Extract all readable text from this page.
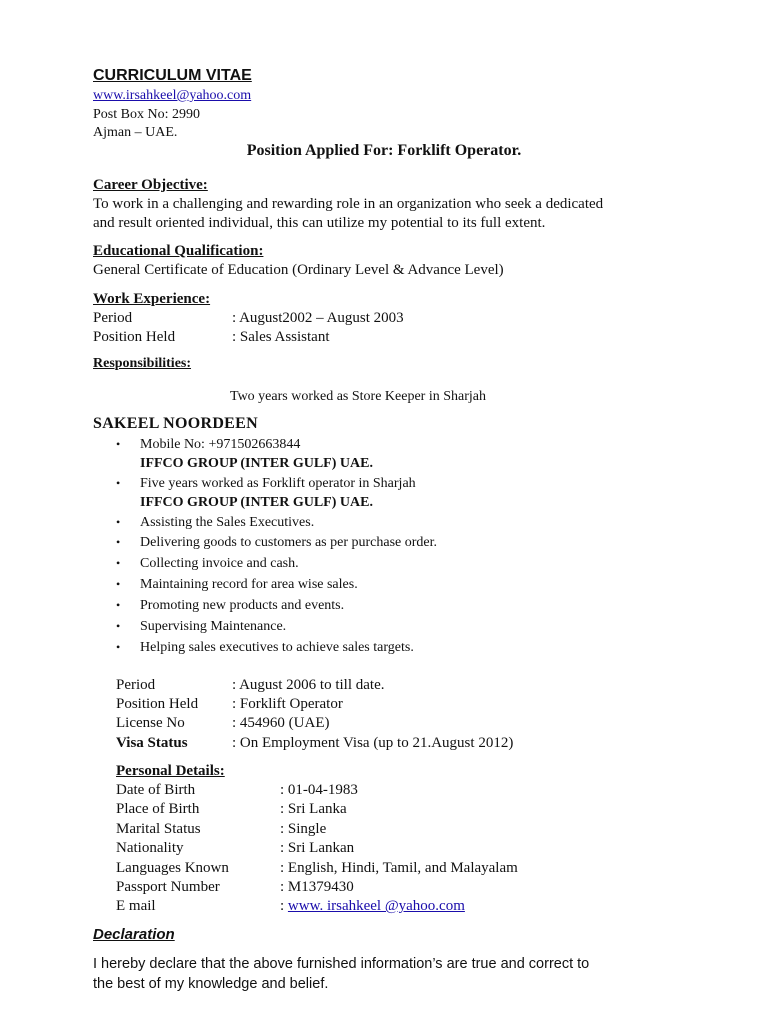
CURRICULUM VITAE
www.irsahkeel@yahoo.com
Post Box No: 2990
Ajman – UAE.
Position Applied For: Forklift Operator.
Career Objective:
To work in a challenging and rewarding role in an organization who seek a dedicated
and result oriented individual, this can utilize my potential to its full extent.
Educational Qualification:
General Certificate of Education (Ordinary Level & Advance Level)
Work Experience:
Period	: August2002 – August 2003
Position Held	: Sales Assistant
Responsibilities:
Two years worked as Store Keeper in Sharjah
SAKEEL NOORDEEN
• Mobile No: +971502663844
IFFCO GROUP (INTER GULF) UAE.
• Five years worked as Forklift operator in Sharjah
IFFCO GROUP (INTER GULF) UAE.
• Assisting the Sales Executives.
• Delivering goods to customers as per purchase order.
• Collecting invoice and cash.
• Maintaining record for area wise sales.
• Promoting new products and events.
• Supervising Maintenance.
• Helping sales executives to achieve sales targets.
Period	: August 2006 to till date.
Position Held : Forklift Operator
License No	: 454960 (UAE)
Visa Status	: On Employment Visa (up to 21.August 2012)
Personal Details:
Date of Birth	: 01-04-1983
Place of Birth	: Sri Lanka
Marital Status	: Single
Nationality	: Sri Lankan
Languages Known	: English, Hindi, Tamil, and Malayalam
Passport Number	: M1379430
E mail	: www. irsahkeel @yahoo.com
Declaration
I hereby declare that the above furnished information’s are true and correct to
the best of my knowledge and belief.
